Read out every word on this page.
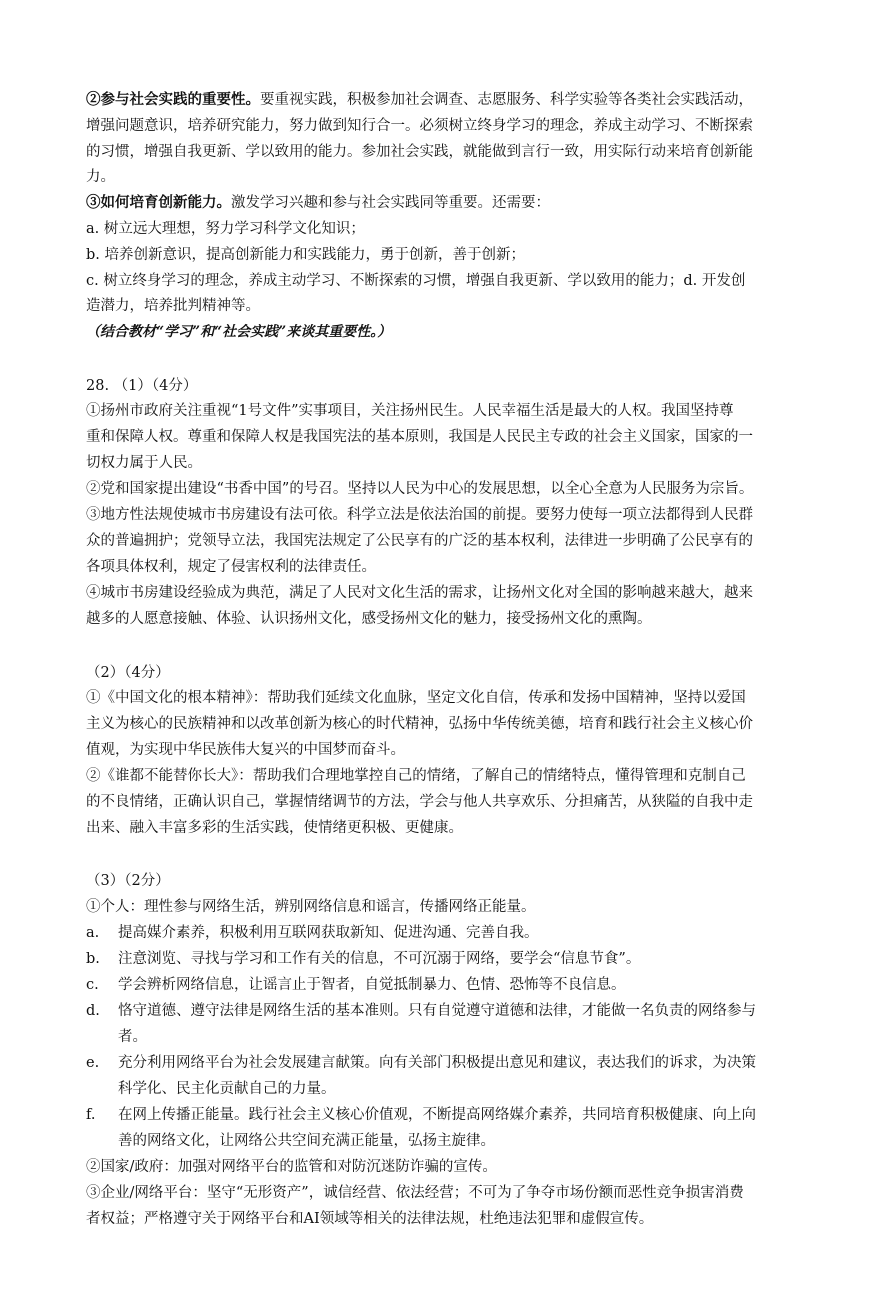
②参与社会实践的重要性。要重视实践，积极参加社会调查、志愿服务、科学实验等各类社会实践活动，
增强问题意识，培养研究能力，努力做到知行合一。必须树立终身学习的理念，养成主动学习、不断探索
的习惯，增强自我更新、学以致用的能力。参加社会实践，就能做到言行一致，用实际行动来培育创新能
力。
③如何培育创新能力。激发学习兴趣和参与社会实践同等重要。还需要：
a. 树立远大理想，努力学习科学文化知识；
b. 培养创新意识，提高创新能力和实践能力，勇于创新，善于创新；
c. 树立终身学习的理念，养成主动学习、不断探索的习惯，增强自我更新、学以致用的能力；d. 开发创
造潜力，培养批判精神等。
（结合教材“学习”和“社会实践”来谈其重要性。）
28. （1）（4分）
①扬州市政府关注重视“1号文件”实事项目，关注扬州民生。人民幸福生活是最大的人权。我国坚持尊
重和保障人权。尊重和保障人权是我国宪法的基本原则，我国是人民民主专政的社会主义国家，国家的一
切权力属于人民。
②党和国家提出建设“书香中国”的号召。坚持以人民为中心的发展思想，以全心全意为人民服务为宗旨。
③地方性法规使城市书房建设有法可依。科学立法是依法治国的前提。要努力使每一项立法都得到人民群
众的普遍拥护；党领导立法，我国宪法规定了公民享有的广泛的基本权利，法律进一步明确了公民享有的
各项具体权利，规定了侵害权利的法律责任。
④城市书房建设经验成为典范，满足了人民对文化生活的需求，让扬州文化对全国的影响越来越大，越来
越多的人愿意接触、体验、认识扬州文化，感受扬州文化的魅力，接受扬州文化的熏陶。
（2）（4分）
①《中国文化的根本精神》：帮助我们延续文化血脉，坚定文化自信，传承和发扬中国精神，坚持以爱国
主义为核心的民族精神和以改革创新为核心的时代精神，弘扬中华传统美德，培育和践行社会主义核心价
值观，为实现中华民族伟大复兴的中国梦而奋斗。
②《谁都不能替你长大》：帮助我们合理地掌控自己的情绪，了解自己的情绪特点，懂得管理和克制自己
的不良情绪，正确认识自己，掌握情绪调节的方法，学会与他人共享欢乐、分担痛苦，从狭隘的自我中走
出来、融入丰富多彩的生活实践，使情绪更积极、更健康。
（3）（2分）
①个人：理性参与网络生活，辨别网络信息和谣言，传播网络正能量。
a. 提高媒介素养，积极利用互联网获取新知、促进沟通、完善自我。
b. 注意浏览、寻找与学习和工作有关的信息，不可沉溺于网络，要学会“信息节食”。
c. 学会辨析网络信息，让谣言止于智者，自觉抵制暴力、色情、恐怖等不良信息。
d. 恪守道德、遵守法律是网络生活的基本准则。只有自觉遵守道德和法律，才能做一名负责的网络参与
者。
e. 充分利用网络平台为社会发展建言献策。向有关部门积极提出意见和建议，表达我们的诉求，为决策
科学化、民主化贡献自己的力量。
f. 在网上传播正能量。践行社会主义核心价值观，不断提高网络媒介素养，共同培育积极健康、向上向
善的网络文化，让网络公共空间充满正能量，弘扬主旋律。
②国家/政府：加强对网络平台的监管和对防沉迷防诈骗的宣传。
③企业/网络平台：坚守“无形资产”，诚信经营、依法经营；不可为了争夺市场份额而恶性竞争损害消费
者权益；严格遵守关于网络平台和AI领域等相关的法律法规，杜绝违法犯罪和虚假宣传。
